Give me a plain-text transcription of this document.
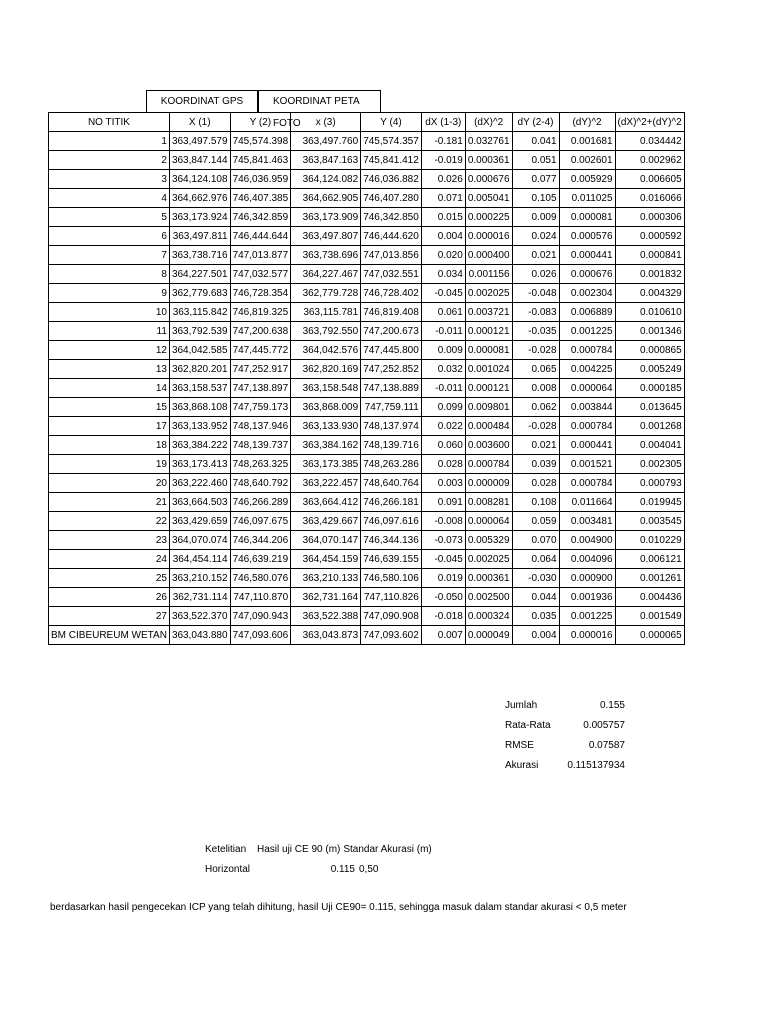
KOORDINAT GPS	KOORDINAT PETA FOTO
NO TITIK	X (1)	Y (2)	x (3)	Y (4)	dX (1-3)	(dX)^2	dY (2-4)	(dY)^2	(dX)^2+(dY)^2
1	363,497.579	745,574.398	363,497.760	745,574.357	-0.181	0.032761	0.041	0.001681	0.034442
2	363,847.144	745,841.463	363,847.163	745,841.412	-0.019	0.000361	0.051	0.002601	0.002962
3	364,124.108	746,036.959	364,124.082	746,036.882	0.026	0.000676	0.077	0.005929	0.006605
4	364,662.976	746,407.385	364,662.905	746,407.280	0.071	0.005041	0.105	0.011025	0.016066
5	363,173.924	746,342.859	363,173.909	746,342.850	0.015	0.000225	0.009	0.000081	0.000306
6	363,497.811	746,444.644	363,497.807	746,444.620	0.004	0.000016	0.024	0.000576	0.000592
7	363,738.716	747,013.877	363,738.696	747,013.856	0.020	0.000400	0.021	0.000441	0.000841
8	364,227.501	747,032.577	364,227.467	747,032.551	0.034	0.001156	0.026	0.000676	0.001832
9	362,779.683	746,728.354	362,779.728	746,728.402	-0.045	0.002025	-0.048	0.002304	0.004329
10	363,115.842	746,819.325	363,115.781	746,819.408	0.061	0.003721	-0.083	0.006889	0.010610
11	363,792.539	747,200.638	363,792.550	747,200.673	-0.011	0.000121	-0.035	0.001225	0.001346
12	364,042.585	747,445.772	364,042.576	747,445.800	0.009	0.000081	-0.028	0.000784	0.000865
13	362,820.201	747,252.917	362,820.169	747,252.852	0.032	0.001024	0.065	0.004225	0.005249
14	363,158.537	747,138.897	363,158.548	747,138.889	-0.011	0.000121	0.008	0.000064	0.000185
15	363,868.108	747,759.173	363,868.009	747,759.111	0.099	0.009801	0.062	0.003844	0.013645
17	363,133.952	748,137.946	363,133.930	748,137.974	0.022	0.000484	-0.028	0.000784	0.001268
18	363,384.222	748,139.737	363,384.162	748,139.716	0.060	0.003600	0.021	0.000441	0.004041
19	363,173.413	748,263.325	363,173.385	748,263.286	0.028	0.000784	0.039	0.001521	0.002305
20	363,222.460	748,640.792	363,222.457	748,640.764	0.003	0.000009	0.028	0.000784	0.000793
21	363,664.503	746,266.289	363,664.412	746,266.181	0.091	0.008281	0.108	0.011664	0.019945
22	363,429.659	746,097.675	363,429.667	746,097.616	-0.008	0.000064	0.059	0.003481	0.003545
23	364,070.074	746,344.206	364,070.147	746,344.136	-0.073	0.005329	0.070	0.004900	0.010229
24	364,454.114	746,639.219	364,454.159	746,639.155	-0.045	0.002025	0.064	0.004096	0.006121
25	363,210.152	746,580.076	363,210.133	746,580.106	0.019	0.000361	-0.030	0.000900	0.001261
26	362,731.114	747,110.870	362,731.164	747,110.826	-0.050	0.002500	0.044	0.001936	0.004436
27	363,522.370	747,090.943	363,522.388	747,090.908	-0.018	0.000324	0.035	0.001225	0.001549
BM CIBEUREUM WETAN	363,043.880	747,093.606	363,043.873	747,093.602	0.007	0.000049	0.004	0.000016	0.000065
Jumlah	0.155
Rata-Rata	0.005757
RMSE	0.07587
Akurasi	0.115137934
Ketelitian	Hasil uji CE 90 (m) Standar Akurasi (m)
Horizontal	0.115 0,50
berdasarkan hasil pengecekan ICP yang telah dihitung, hasil Uji CE90= 0.115, sehingga masuk dalam standar akurasi < 0,5 meter
